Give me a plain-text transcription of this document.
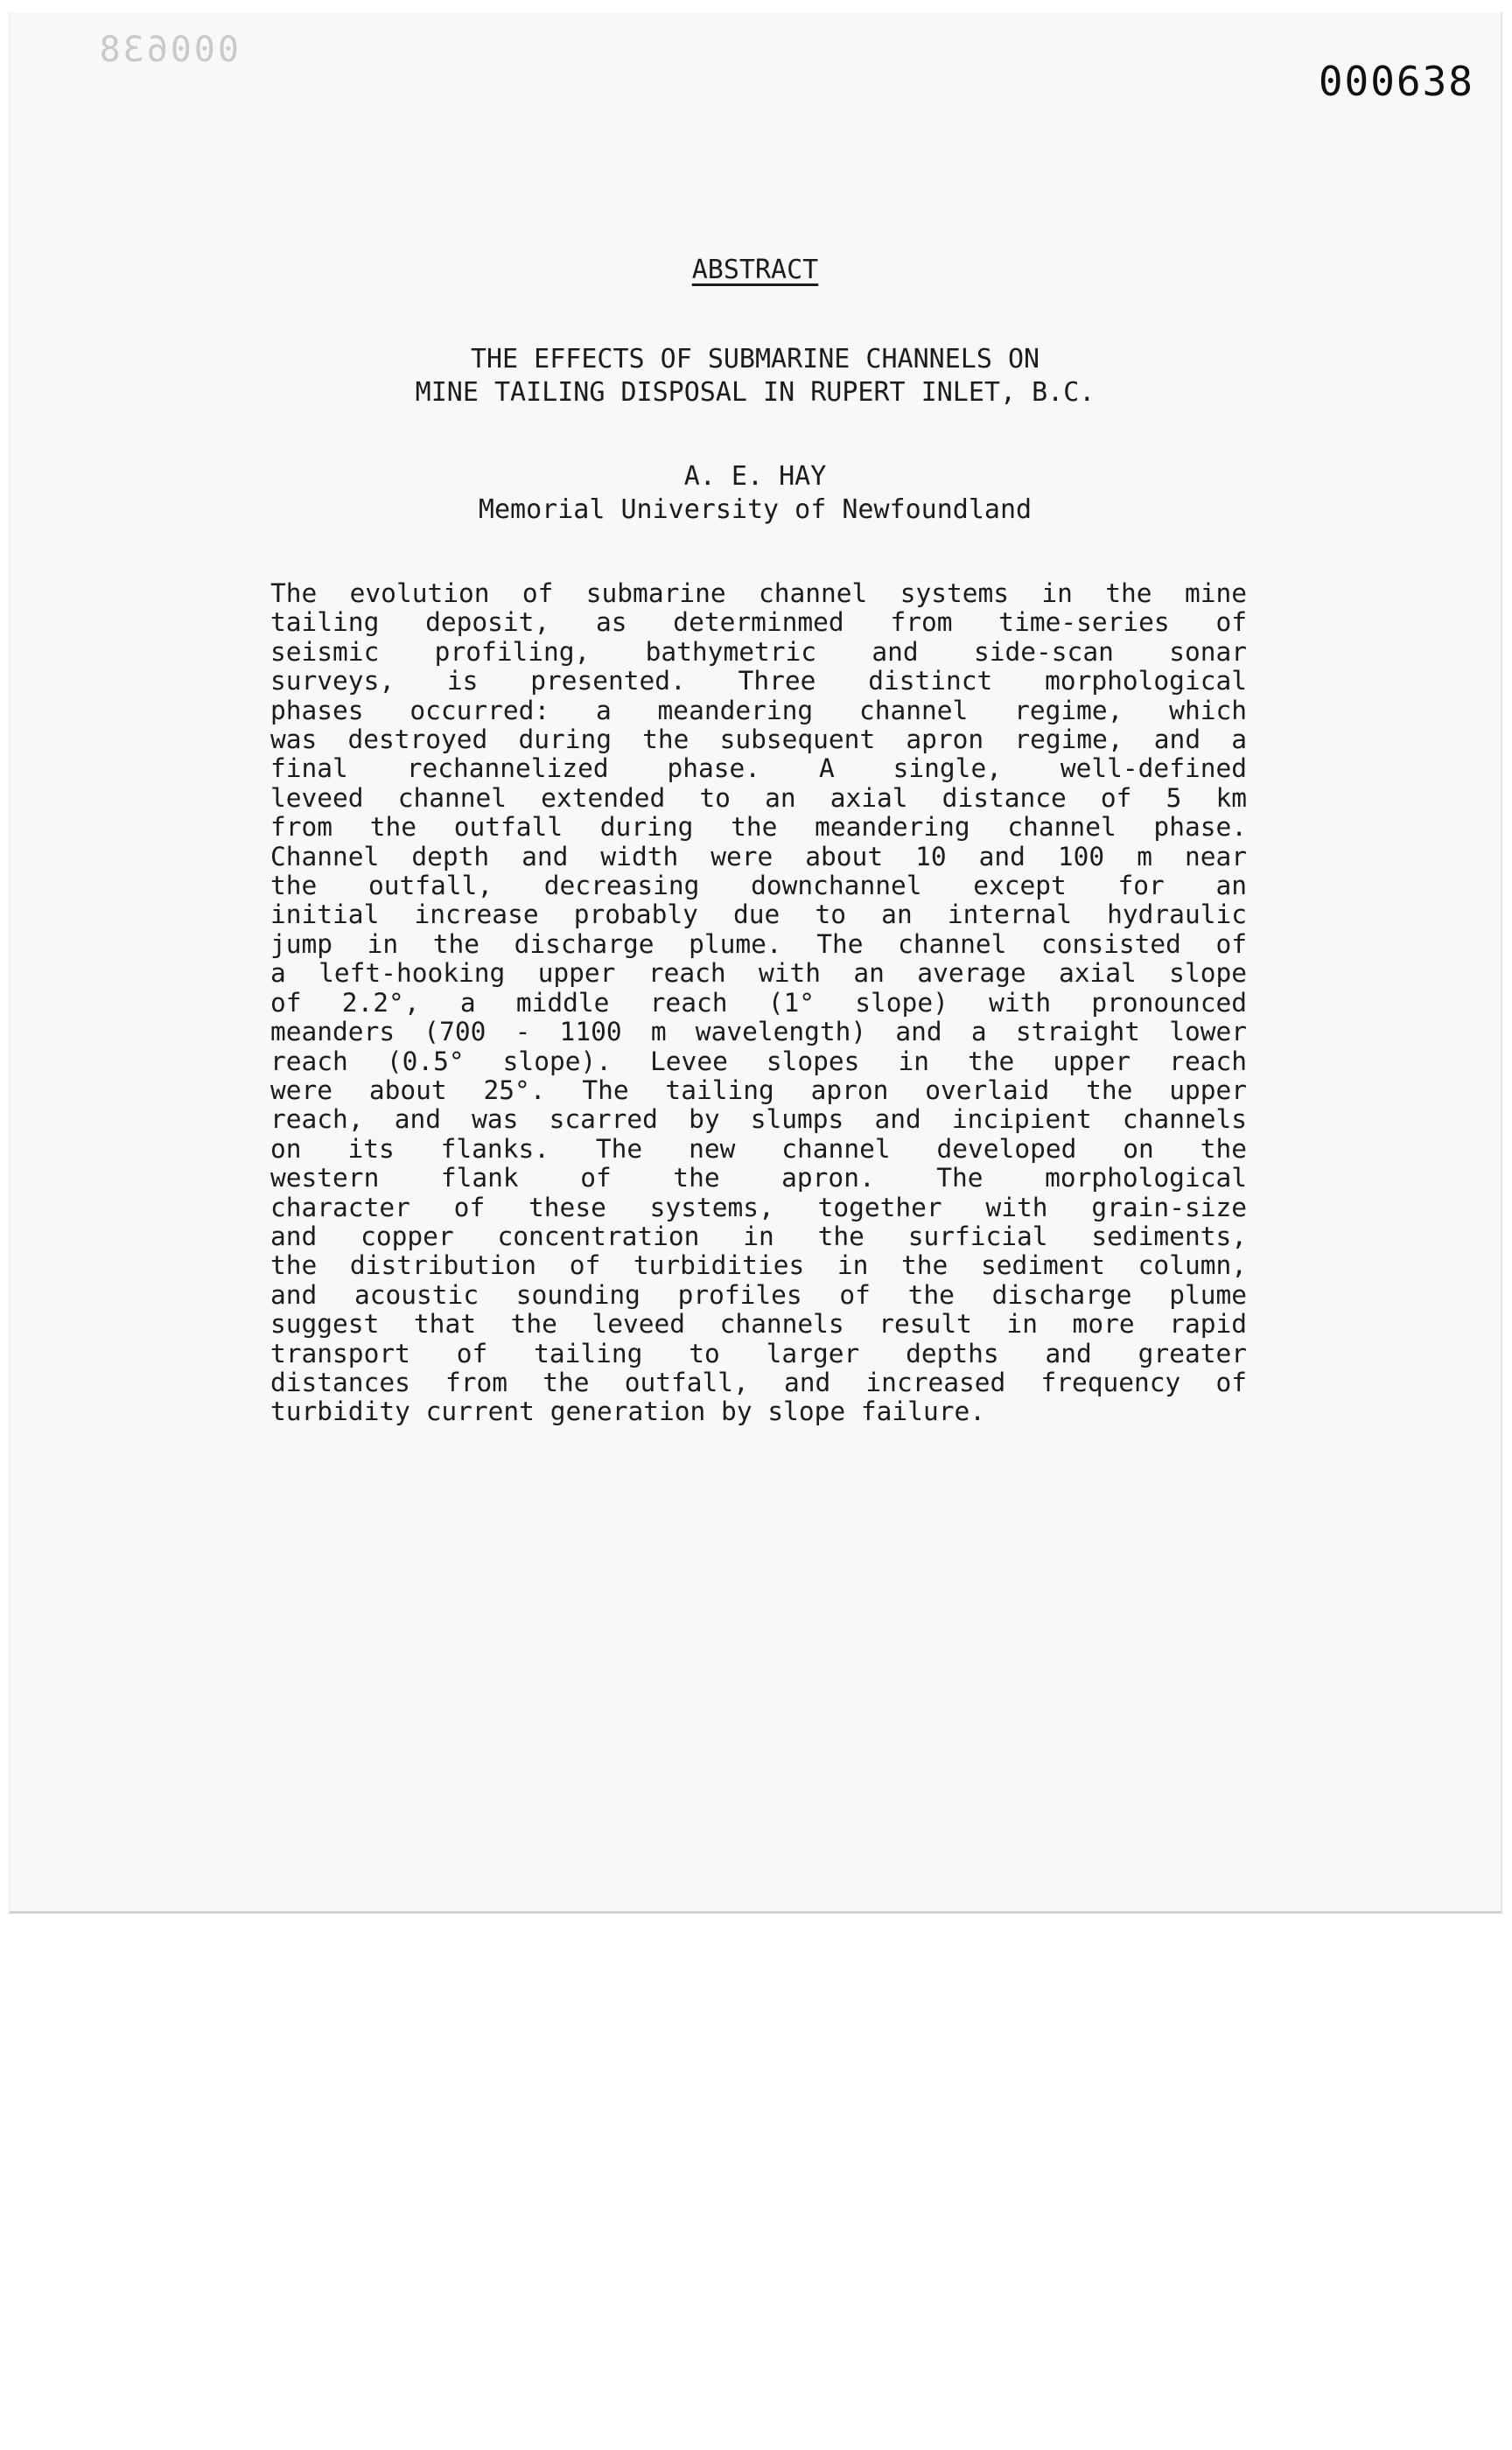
000638
000638
ABSTRACT
THE EFFECTS OF SUBMARINE CHANNELS ON
MINE TAILING DISPOSAL IN RUPERT INLET, B.C.
A. E. HAY
Memorial University of Newfoundland
The evolution of submarine channel systems in the mine
tailing deposit, as determinmed from time-series of
seismic profiling, bathymetric and side-scan sonar
surveys, is presented. Three distinct morphological
phases occurred: a meandering channel regime, which
was destroyed during the subsequent apron regime, and a
final rechannelized phase. A single, well-defined
leveed channel extended to an axial distance of 5 km
from the outfall during the meandering channel phase.
Channel depth and width were about 10 and 100 m near
the outfall, decreasing downchannel except for an
initial increase probably due to an internal hydraulic
jump in the discharge plume. The channel consisted of
a left-hooking upper reach with an average axial slope
of 2.2°, a middle reach (1° slope) with pronounced
meanders (700 - 1100 m wavelength) and a straight lower
reach (0.5° slope). Levee slopes in the upper reach
were about 25°. The tailing apron overlaid the upper
reach, and was scarred by slumps and incipient channels
on its flanks. The new channel developed on the
western flank of the apron. The morphological
character of these systems, together with grain-size
and copper concentration in the surficial sediments,
the distribution of turbidities in the sediment column,
and acoustic sounding profiles of the discharge plume
suggest that the leveed channels result in more rapid
transport of tailing to larger depths and greater
distances from the outfall, and increased frequency of
turbidity current generation by slope failure.
